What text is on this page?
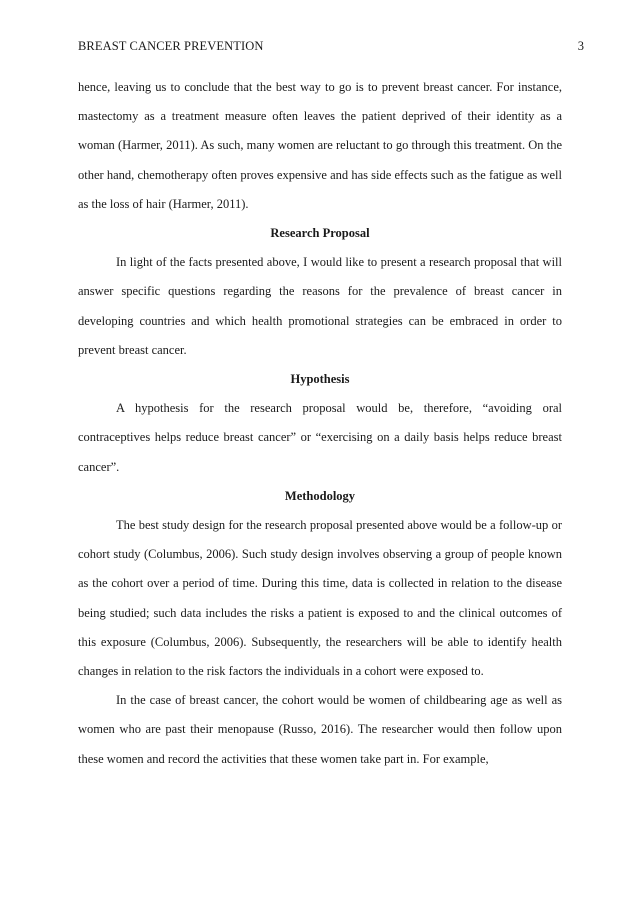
BREAST CANCER PREVENTION	3

hence, leaving us to conclude that the best way to go is to prevent breast cancer. For instance, mastectomy as a treatment measure often leaves the patient deprived of their identity as a woman (Harmer, 2011). As such, many women are reluctant to go through this treatment. On the other hand, chemotherapy often proves expensive and has side effects such as the fatigue as well as the loss of hair (Harmer, 2011).

Research Proposal

In light of the facts presented above, I would like to present a research proposal that will answer specific questions regarding the reasons for the prevalence of breast cancer in developing countries and which health promotional strategies can be embraced in order to prevent breast cancer.

Hypothesis

A hypothesis for the research proposal would be, therefore, “avoiding oral contraceptives helps reduce breast cancer” or “exercising on a daily basis helps reduce breast cancer”.

Methodology

The best study design for the research proposal presented above would be a follow-up or cohort study (Columbus, 2006). Such study design involves observing a group of people known as the cohort over a period of time. During this time, data is collected in relation to the disease being studied; such data includes the risks a patient is exposed to and the clinical outcomes of this exposure (Columbus, 2006). Subsequently, the researchers will be able to identify health changes in relation to the risk factors the individuals in a cohort were exposed to.

In the case of breast cancer, the cohort would be women of childbearing age as well as women who are past their menopause (Russo, 2016). The researcher would then follow upon these women and record the activities that these women take part in. For example,
